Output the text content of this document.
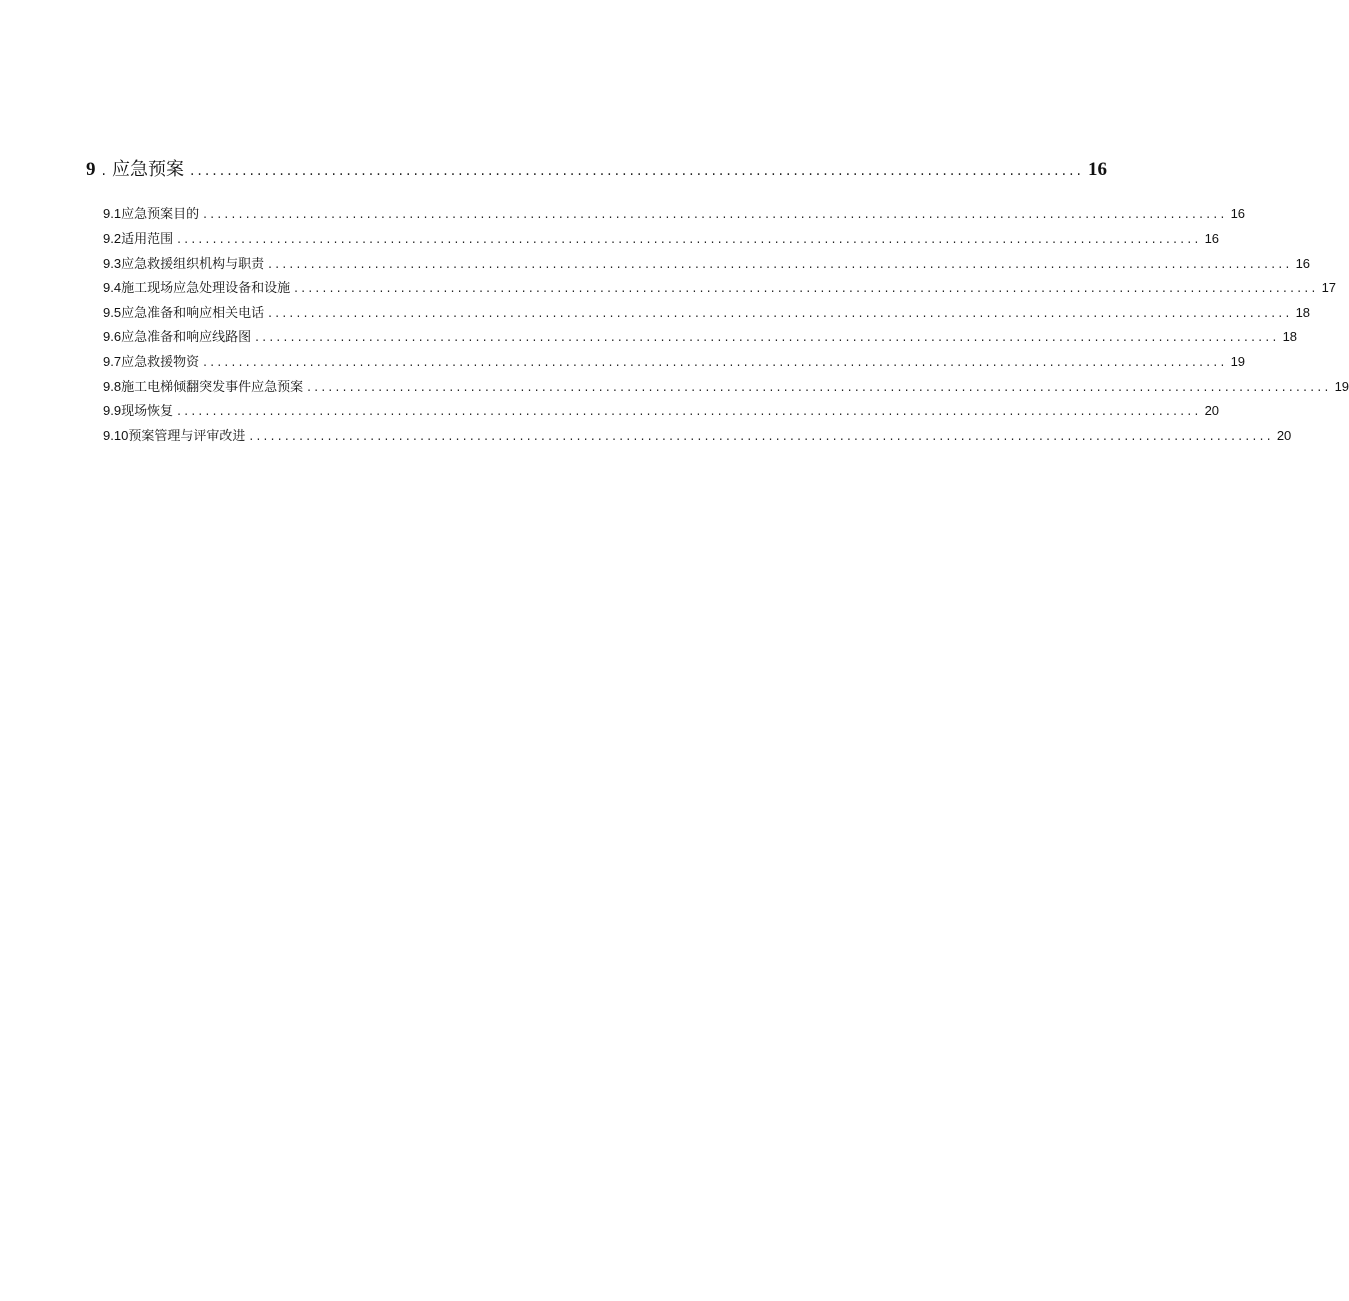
9 . 应急预案 ........................................................................................................................ 16
9.1 应急预案目的 ................................................................................................................................................ 16
9.2 适用范围 ................................................................................................................................................ 16
9.3 应急救援组织机构与职责 ................................................................................................................................................ 16
9.4 施工现场应急处理设备和设施 ................................................................................................................................................ 17
9.5 应急准备和响应相关电话 ................................................................................................................................................ 18
9.6 应急准备和响应线路图 ................................................................................................................................................ 18
9.7 应急救援物资 ................................................................................................................................................ 19
9.8 施工电梯倾翻突发事件应急预案 ................................................................................................................................................ 19
9.9 现场恢复 ................................................................................................................................................ 20
9.10 预案管理与评审改进 ................................................................................................................................................ 20
